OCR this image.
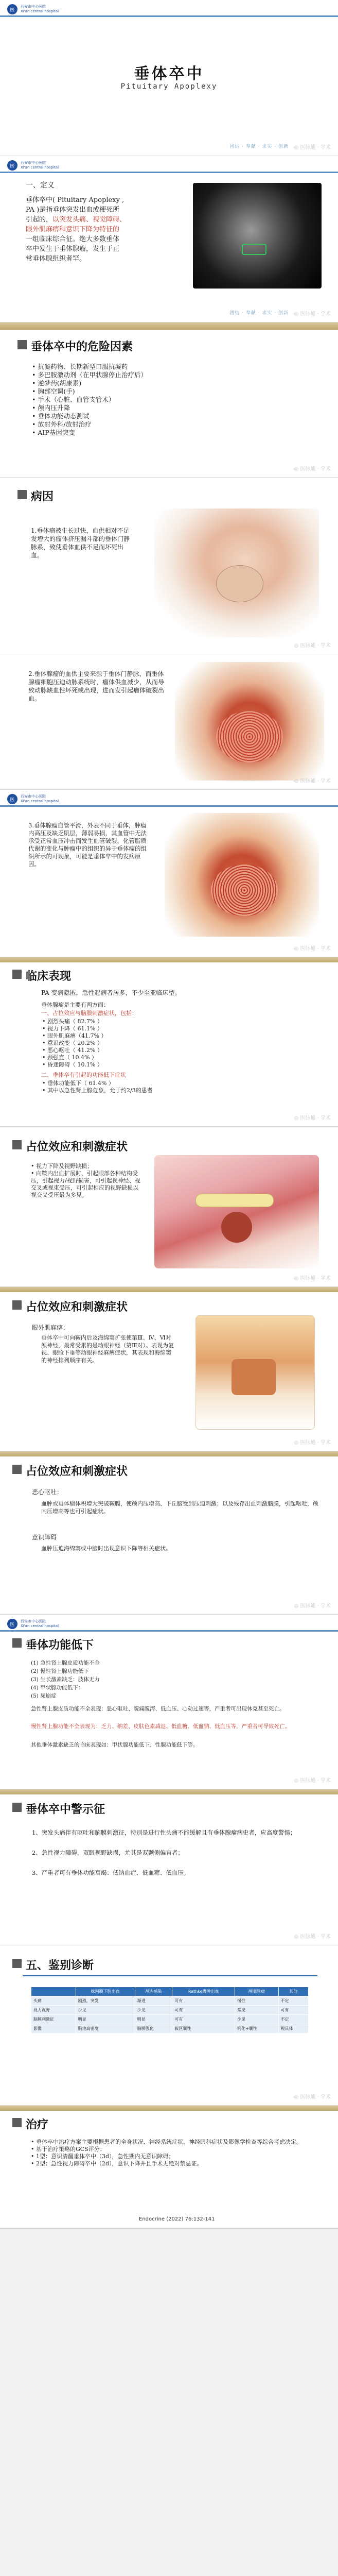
医
西安市中心医院
Xi'an central hospital
垂体卒中
Pituitary Apoplexy
团结 · 奉献 · 求实 · 创新 ◎ 医脉通 · 学术
医
西安市中心医院
Xi'an central hospital
一、定义
垂体卒中( Pituitary Apoplexy ,
PA )是指垂体突发出血或梗死所
引起的，以突发头痛、视觉障碍、
眼外肌麻痹和意识下降为特征的
一组临床综合征。绝大多数垂体
卒中发生于垂体腺瘤，发生于正
常垂体腺组织者罕。
团结 · 奉献 · 求实 · 创新 ◎ 医脉通 · 学术
垂体卒中的危险因素
• 抗凝药物、长期新型口服抗凝药
• 多巴胺激动剂（在甲状腺停止治疗后）
• 逆梦药(胡康素)
• 胸部空调(手)
• 手术（心脏、血管支管术）
• 颅内压升降
• 垂体功能动态测试
• 放射外科/放射治疗
• AIP基因突变
◎ 医脉通 · 学术
病因
1.垂体瘤被生长过快，血供相对不足发增大的瘤体挤压漏斗部的垂体门静脉系，致使垂体血供不足而坏死出血。
◎ 医脉通 · 学术
2.垂体腺瘤的血供主要来源于垂体门静脉，而垂体腺瘤细胞压迫动脉系统时，瘤体供血减少，从而导致动脉缺血性坏死或出现，进而发引起瘤体破裂出血。
◎ 医脉通 · 学术
医
西安市中心医院
Xi'an central hospital
3.垂体腺瘤血管平滑，外表不同于垂体，肿瘤内高压及缺乏肌层，薄弱易损，其血管中无法承受正常血压冲击而发生血管破裂，化管脂质代谢的变化与肿瘤中的组织的异于垂体瘤的组织所示的可现象，可能是垂体卒中的发病原因。
◎ 医脉通 · 学术
临床表现
PA 变病隐匿，急性起病者居多，不少至亚临床型。
垂体腺瘤是主要有两方面：
一、占位效应与脑膜刺激症状，包括：
• 剧烈头痛（ 82.7% ）
• 视力下降（ 61.1% ）
• 眼外肌麻痹（41.7% ）
• 意识改变（ 20.2% ）
• 恶心呕吐（ 41.2% ）
• 颈强直（ 10.4% ）
• 昏迷障碍（ 10.1% ）
二、垂体卒有引起的功能低下症状
• 垂体功能低下（ 61.4% ）
• 其中以急性肾上腺危象，允于约2/3的患者
◎ 医脉通 · 学术
占位效应和刺激症状
• 视力下降及视野缺损；
• 向鞍内出血扩展时，引起眼部各种结构受压，引起视力/视野损害，可引起视神经、视交叉或视束受压，可引起相应的视野缺损以视交叉受压最为多见。
◎ 医脉通 · 学术
占位效应和刺激症状
眼外肌麻痹：
垂体卒中可向鞍内后及海绵窦扩张使第Ⅲ、Ⅳ、Ⅵ对颅神经，最常受累的是动眼神经（第Ⅲ对）。表现为复视、眼睑下垂等动眼神经麻痹症状，其表现和海绵窦的神经排列顺序有关。
◎ 医脉通 · 学术
占位效应和刺激症状
恶心呕吐：
血肿或垂体瘤体积增大突破鞍膈，使颅内压增高、下丘脑受到压迫刺激；以及残存出血刺激脑膜，引起呕吐，颅内压增高等也可引起症状。
意识障碍
血肿压迫海绵窦或中脑时出现意识下降等相关症状。
◎ 医脉通 · 学术
医
西安市中心医院
Xi'an central hospital
垂体功能低下
(1) 急性肾上腺皮质功能不全
(2) 慢性肾上腺功能低下
(3) 生长激素缺乏：肢体无力
(4) 甲状腺功能低下：
(5) 尿崩症
急性肾上腺皮质功能不全表现：恶心呕吐、腹痛腹泻、低血压、心动过速等，严重者可出现休克甚至死亡。
慢性肾上腺功能不全表现为：乏力、纳差、皮肤色素减退、低血糖、低血钠、低血压等，严重者可导致死亡。
其他垂体激素缺乏的临床表现如：甲状腺功能低下、性腺功能低下等。
◎ 医脉通 · 学术
垂体卒中警示征
1、突发头痛伴有呕吐和脑膜刺激征，特别是进行性头痛不能缓解且有垂体腺瘤病史者，应高度警惕；
2、急性视力障碍，双眼视野缺损，尤其是双颞侧偏盲者；
3、严重者可有垂体功能衰竭：低钠血症、低血糖、低血压。
◎ 医脉通 · 学术
五、鉴别诊断
	蛛网膜下腔出血	颅内感染	Rathke囊肿出血	颅咽管瘤	其他
头痛	剧烈，突发	渐进	可有	慢性	不定
视力视野	少见	少见	可有	常见	可有
脑膜刺激征	明显	明显	可有	少见	不定
影像	脑池高密度	脑膜强化	鞍区囊性	钙化+囊性	视具体
◎ 医脉通 · 学术
治疗
• 垂体卒中治疗方案主要根据患者的全身状况、神经系统症状、神经眼科症状及影像学检查等综合考虑决定。
• 基于治疗策略的GCS评分：
• 1型：意识清醒垂体卒中（3d），急性期内无意识障碍；
• 2型：急性视力障碍卒中（2d），意识下降并且手术无绝对禁忌证。
Endocrine (2022) 76:132-141
